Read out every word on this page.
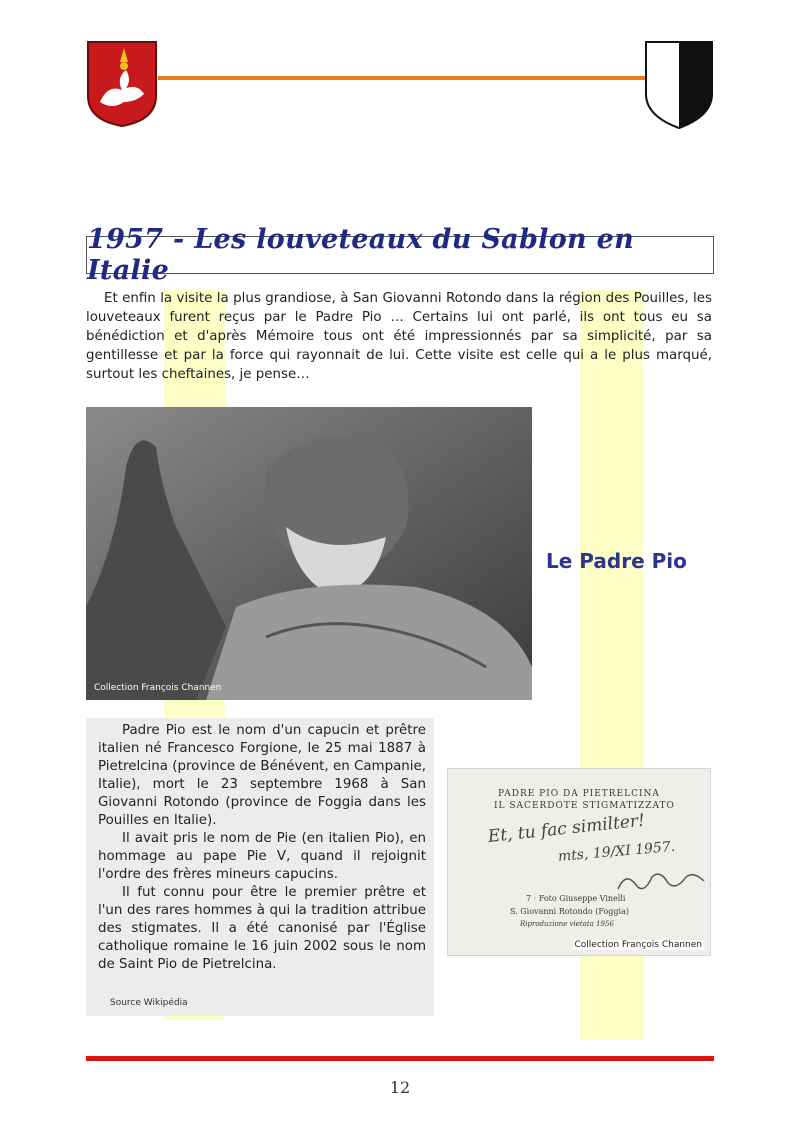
1957 - Les louveteaux du Sablon en Italie

Et enfin la visite la plus grandiose, à San Giovanni Rotondo dans la région des Pouilles, les louveteaux furent reçus par le Padre Pio … Certains lui ont parlé, ils ont tous eu sa bénédiction et d'après Mémoire tous ont été impressionnés par sa simplicité, par sa gentillesse et par la force qui rayonnait de lui. Cette visite est celle qui a le plus marqué, surtout les cheftaines, je pense…

Collection François Channen
Le Padre Pio

Padre Pio est le nom d'un capucin et prêtre italien né Francesco Forgione, le 25 mai 1887 à Pietrelcina (province de Bénévent, en Campanie, Italie), mort le 23 septembre 1968 à San Giovanni Rotondo (province de Foggia dans les Pouilles en Italie).

Il avait pris le nom de Pie (en italien Pio), en hommage au pape Pie V, quand il rejoignit l'ordre des frères mineurs capucins.

Il fut connu pour être le premier prêtre et l'un des rares hommes à qui la tradition attribue des stigmates. Il a été canonisé par l'Église catholique romaine le 16 juin 2002 sous le nom de Saint Pio de Pietrelcina.

Source Wikipédia
PADRE PIO DA PIETRELCINA
IL SACERDOTE STIGMATIZZATO
Et, tu fac similter!
mts, 19/XI 1957.
7 · Foto Giuseppe Vinelli
S. Giovanni Rotondo (Foggia)
Riproduzione vietata 1956
Collection François Channen
12
